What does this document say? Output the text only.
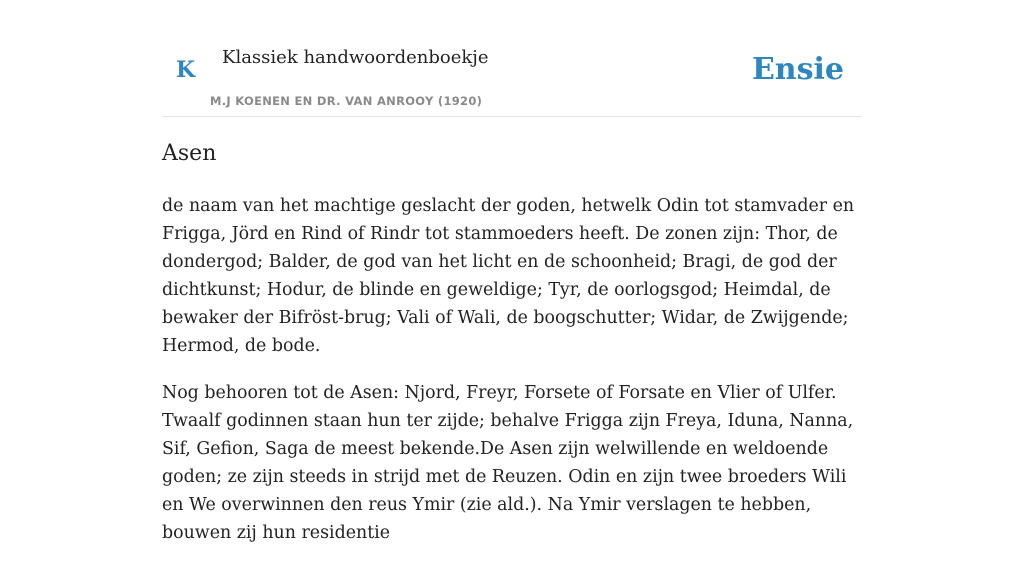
K Klassiek handwoordenboekje
M.J KOENEN EN DR. VAN ANROOY (1920)
Ensie
Asen

de naam van het machtige geslacht der goden, hetwelk Odin tot stamvader en Frigga, Jörd en Rind of Rindr tot stammoeders heeft. De zonen zijn: Thor, de dondergod; Balder, de god van het licht en de schoonheid; Bragi, de god der dichtkunst; Hodur, de blinde en geweldige; Tyr, de oorlogsgod; Heimdal, de bewaker der Bifröst-brug; Vali of Wali, de boogschutter; Widar, de Zwijgende; Hermod, de bode.

Nog behooren tot de Asen: Njord, Freyr, Forsete of Forsate en Vlier of Ulfer. Twaalf godinnen staan hun ter zijde; behalve Frigga zijn Freya, Iduna, Nanna, Sif, Gefion, Saga de meest bekende.De Asen zijn welwillende en weldoende goden; ze zijn steeds in strijd met de Reuzen. Odin en zijn twee broeders Wili en We overwinnen den reus Ymir (zie ald.). Na Ymir verslagen te hebben, bouwen zij hun residentie
